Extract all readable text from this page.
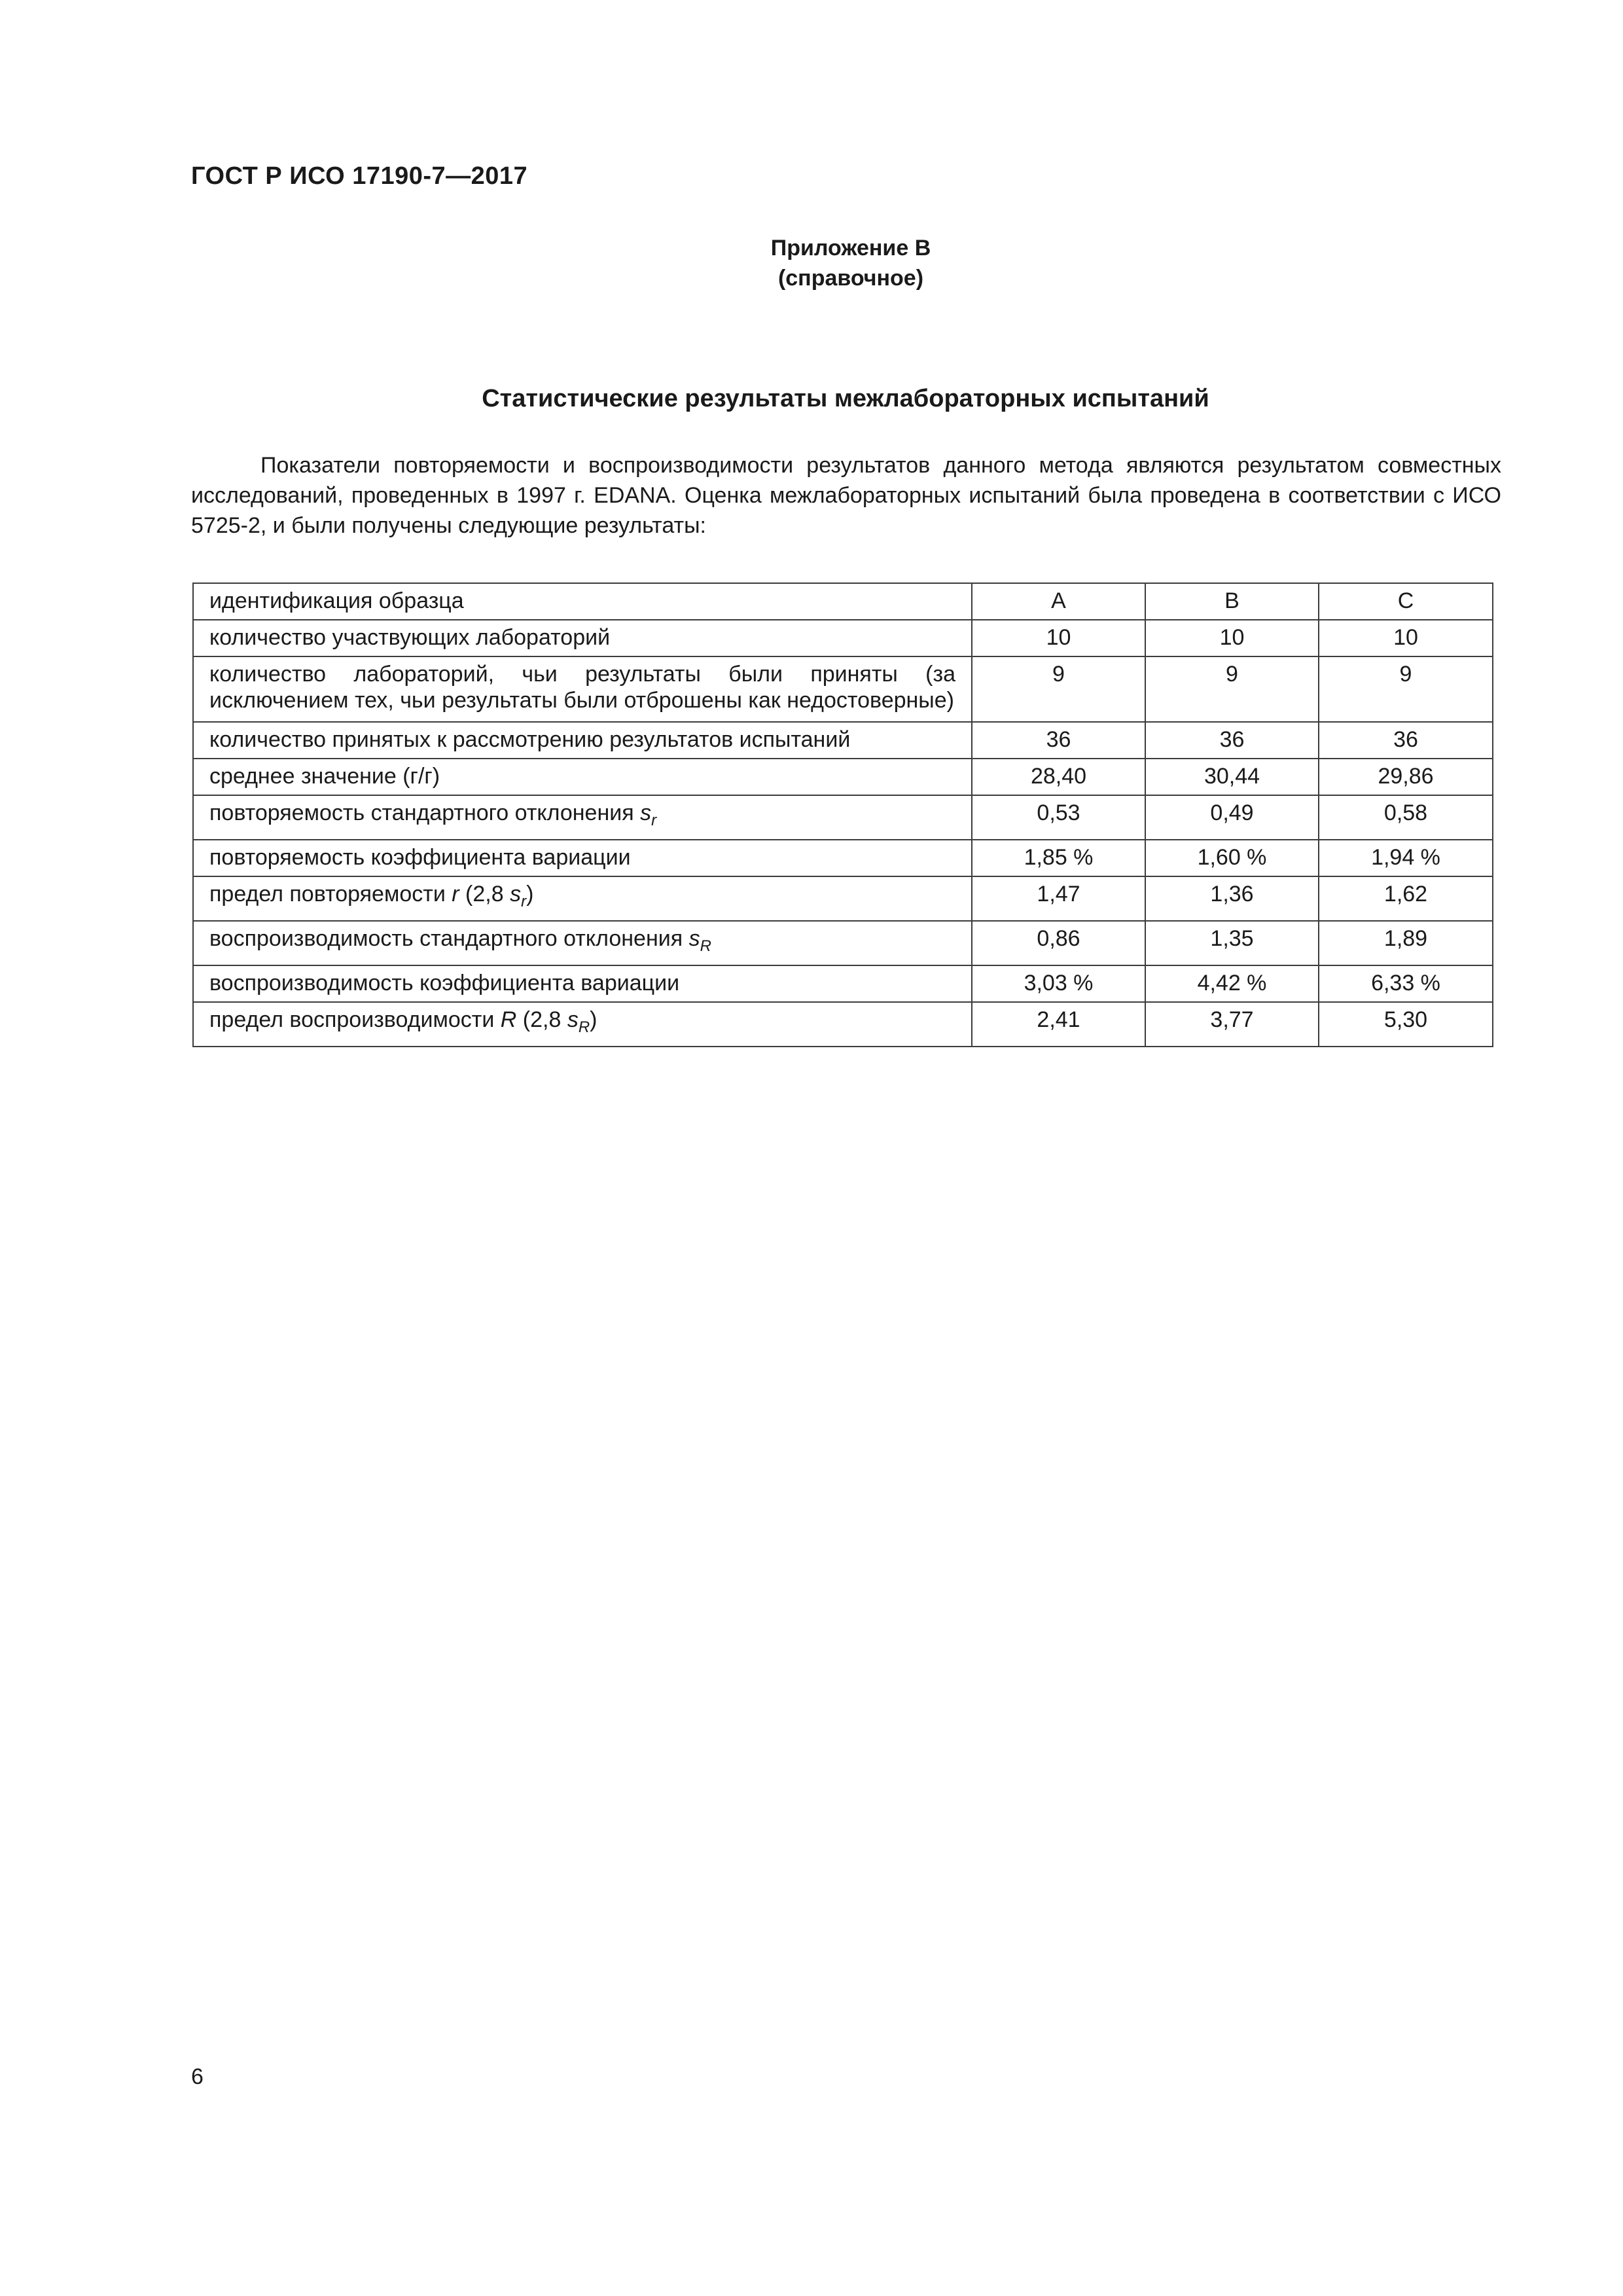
ГОСТ Р ИСО 17190-7—2017
Приложение В
(справочное)
Статистические результаты межлабораторных испытаний

Показатели повторяемости и воспроизводимости результатов данного метода являются результатом совместных исследований, проведенных в 1997 г. EDANA. Оценка межлабораторных испытаний была проведена в соответствии с ИСО 5725-2, и были получены следующие результаты:

идентификация образца	A	B	C
количество участвующих лабораторий	10	10	10
количество лабораторий, чьи результаты были приняты (за исключением тех, чьи результаты были отброшены как недостоверные)	9	9	9
количество принятых к рассмотрению результатов испытаний	36	36	36
среднее значение (г/г)	28,40	30,44	29,86
повторяемость стандартного отклонения $s_r$	0,53	0,49	0,58
повторяемость коэффициента вариации	1,85 %	1,60 %	1,94 %
предел повторяемости r (2,8 $s_r$)	1,47	1,36	1,62
воспроизводимость стандартного отклонения $s_R$	0,86	1,35	1,89
воспроизводимость коэффициента вариации	3,03 %	4,42 %	6,33 %
предел воспроизводимости R (2,8 $s_R$)	2,41	3,77	5,30
6
